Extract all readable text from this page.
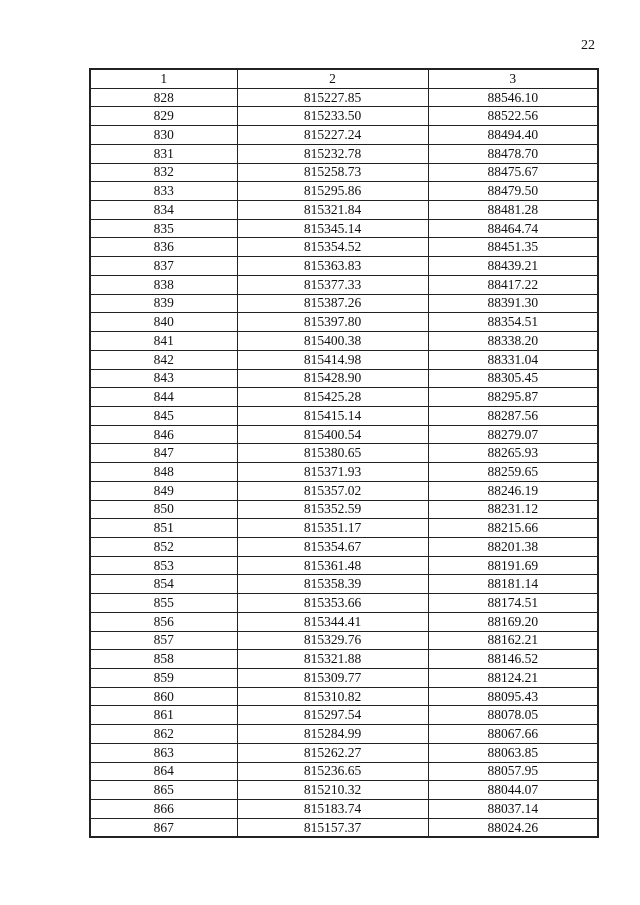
22
1	2	3
828	815227.85	88546.10
829	815233.50	88522.56
830	815227.24	88494.40
831	815232.78	88478.70
832	815258.73	88475.67
833	815295.86	88479.50
834	815321.84	88481.28
835	815345.14	88464.74
836	815354.52	88451.35
837	815363.83	88439.21
838	815377.33	88417.22
839	815387.26	88391.30
840	815397.80	88354.51
841	815400.38	88338.20
842	815414.98	88331.04
843	815428.90	88305.45
844	815425.28	88295.87
845	815415.14	88287.56
846	815400.54	88279.07
847	815380.65	88265.93
848	815371.93	88259.65
849	815357.02	88246.19
850	815352.59	88231.12
851	815351.17	88215.66
852	815354.67	88201.38
853	815361.48	88191.69
854	815358.39	88181.14
855	815353.66	88174.51
856	815344.41	88169.20
857	815329.76	88162.21
858	815321.88	88146.52
859	815309.77	88124.21
860	815310.82	88095.43
861	815297.54	88078.05
862	815284.99	88067.66
863	815262.27	88063.85
864	815236.65	88057.95
865	815210.32	88044.07
866	815183.74	88037.14
867	815157.37	88024.26
